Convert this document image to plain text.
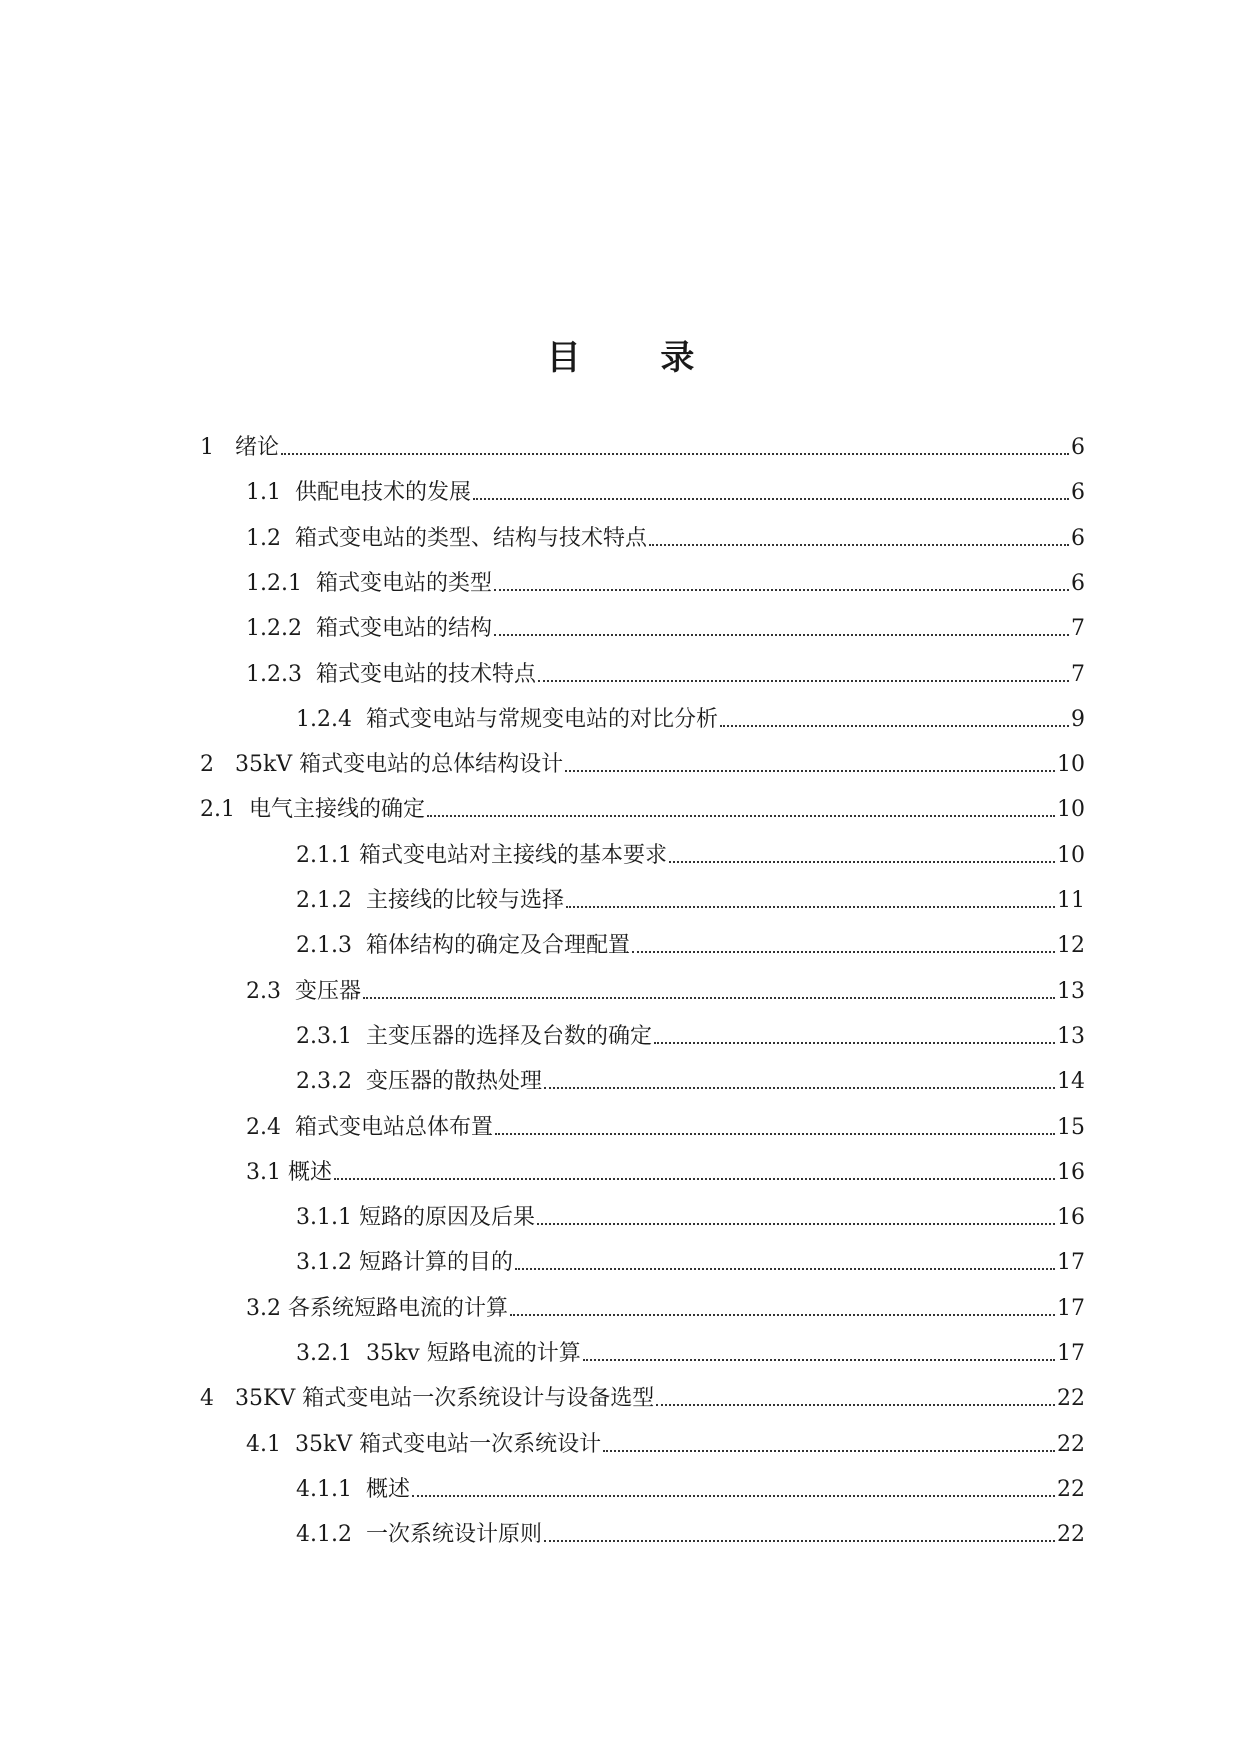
目 录
1   绪论	6
1.1  供配电技术的发展	6
1.2  箱式变电站的类型、结构与技术特点	6
1.2.1  箱式变电站的类型	6
1.2.2  箱式变电站的结构	7
1.2.3  箱式变电站的技术特点	7
1.2.4  箱式变电站与常规变电站的对比分析	9
2   35kV 箱式变电站的总体结构设计	10
2.1  电气主接线的确定	10
2.1.1 箱式变电站对主接线的基本要求	10
2.1.2  主接线的比较与选择	11
2.1.3  箱体结构的确定及合理配置	12
2.3  变压器	13
2.3.1  主变压器的选择及台数的确定	13
2.3.2  变压器的散热处理	14
2.4  箱式变电站总体布置	15
3.1 概述	16
3.1.1 短路的原因及后果	16
3.1.2 短路计算的目的	17
3.2 各系统短路电流的计算	17
3.2.1  35kv 短路电流的计算	17
4   35KV 箱式变电站一次系统设计与设备选型	22
4.1  35kV 箱式变电站一次系统设计	22
4.1.1  概述	22
4.1.2  一次系统设计原则	22
